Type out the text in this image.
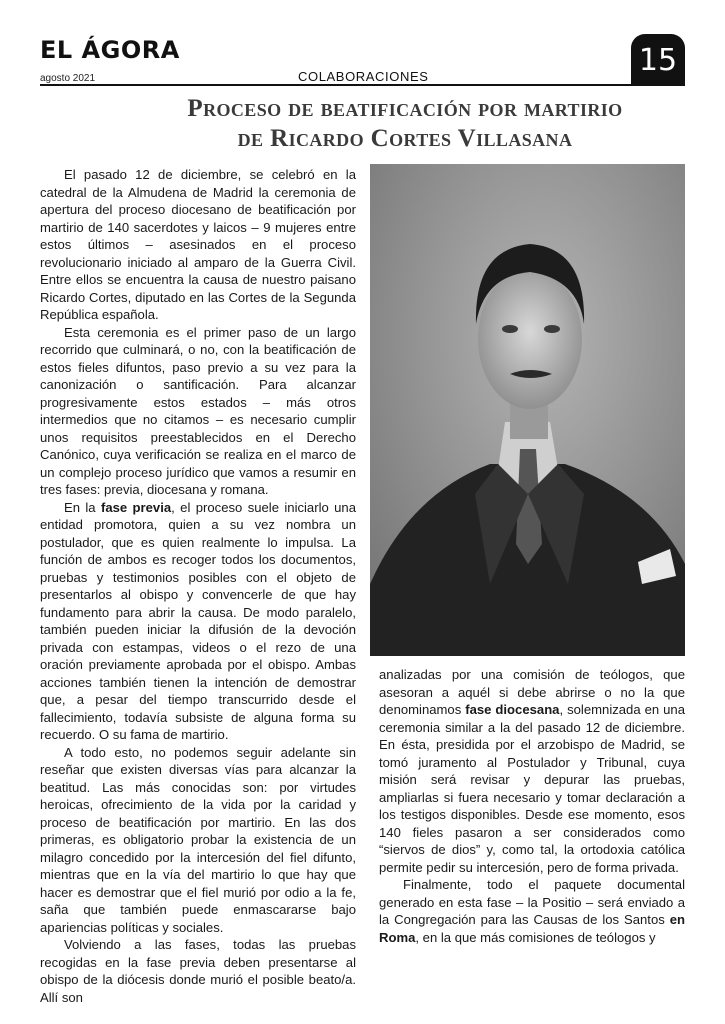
EL ÁGORA
agosto 2021	COLABORACIONES	15
Proceso de beatificación por martirio
de Ricardo Cortes Villasana

El pasado 12 de diciembre, se celebró en la catedral de la Almudena de Madrid la ceremonia de apertura del proceso diocesano de beatificación por martirio de 140 sacerdotes y laicos – 9 mujeres entre estos últimos – asesinados en el proceso revolucionario iniciado al amparo de la Guerra Civil. Entre ellos se encuentra la causa de nuestro paisano Ricardo Cortes, diputado en las Cortes de la Segunda República española.

Esta ceremonia es el primer paso de un largo recorrido que culminará, o no, con la beatificación de estos fieles difuntos, paso previo a su vez para la canonización o santificación. Para alcanzar progresivamente estos estados – más otros intermedios que no citamos – es necesario cumplir unos requisitos preestablecidos en el Derecho Canónico, cuya verificación se realiza en el marco de un complejo proceso jurídico que vamos a resumir en tres fases: previa, diocesana y romana.

En la fase previa, el proceso suele iniciarlo una entidad promotora, quien a su vez nombra un postulador, que es quien realmente lo impulsa. La función de ambos es recoger todos los documentos, pruebas y testimonios posibles con el objeto de presentarlos al obispo y convencerle de que hay fundamento para abrir la causa. De modo paralelo, también pueden iniciar la difusión de la devoción privada con estampas, videos o el rezo de una oración previamente aprobada por el obispo. Ambas acciones también tienen la intención de demostrar que, a pesar del tiempo transcurrido desde el fallecimiento, todavía subsiste de alguna forma su recuerdo. O su fama de martirio.

A todo esto, no podemos seguir adelante sin reseñar que existen diversas vías para alcanzar la beatitud. Las más conocidas son: por virtudes heroicas, ofrecimiento de la vida por la caridad y proceso de beatificación por martirio. En las dos primeras, es obligatorio probar la existencia de un milagro concedido por la intercesión del fiel difunto, mientras que en la vía del martirio lo que hay que hacer es demostrar que el fiel murió por odio a la fe, saña que también puede enmascararse bajo apariencias políticas y sociales.

Volviendo a las fases, todas las pruebas recogidas en la fase previa deben presentarse al obispo de la diócesis donde murió el posible beato/a. Allí son

analizadas por una comisión de teólogos, que asesoran a aquél si debe abrirse o no la que denominamos fase diocesana, solemnizada en una ceremonia similar a la del pasado 12 de diciembre. En ésta, presidida por el arzobispo de Madrid, se tomó juramento al Postulador y Tribunal, cuya misión será revisar y depurar las pruebas, ampliarlas si fuera necesario y tomar declaración a los testigos disponibles. Desde ese momento, esos 140 fieles pasaron a ser considerados como “siervos de dios” y, como tal, la ortodoxia católica permite pedir su intercesión, pero de forma privada.

Finalmente, todo el paquete documental generado en esta fase – la Positio – será enviado a la Congregación para las Causas de los Santos en Roma, en la que más comisiones de teólogos y
